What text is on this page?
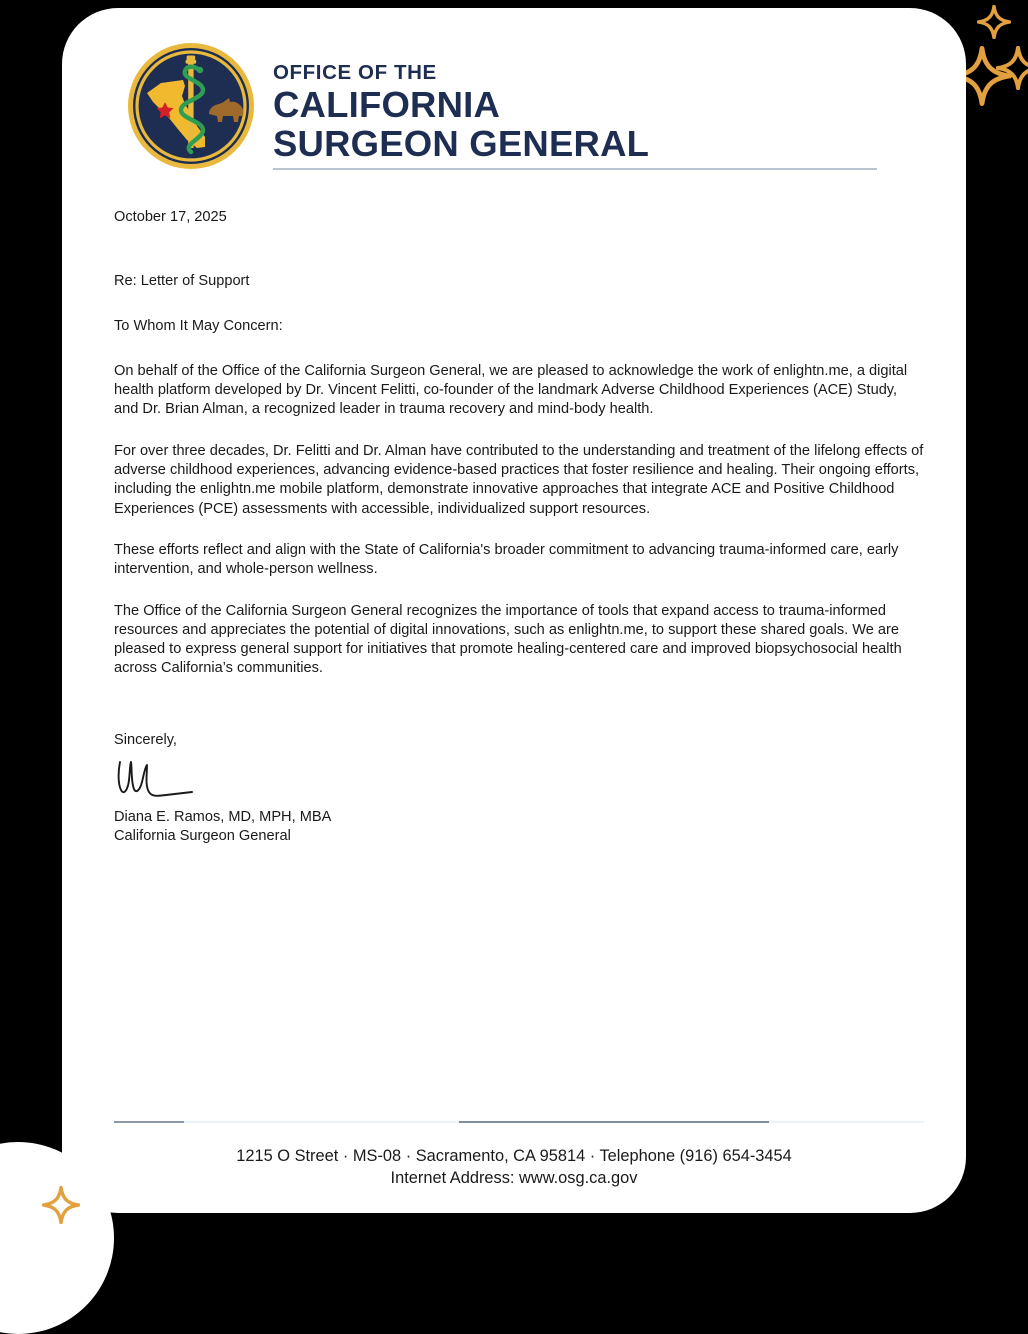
OFFICE OF THE
CALIFORNIA
SURGEON GENERAL

October 17, 2025

Re: Letter of Support

To Whom It May Concern:

On behalf of the Office of the California Surgeon General, we are pleased to acknowledge the work of enlightn.me, a digital health platform developed by Dr. Vincent Felitti, co-founder of the landmark Adverse Childhood Experiences (ACE) Study, and Dr. Brian Alman, a recognized leader in trauma recovery and mind-body health.

For over three decades, Dr. Felitti and Dr. Alman have contributed to the understanding and treatment of the lifelong effects of adverse childhood experiences, advancing evidence-based practices that foster resilience and healing. Their ongoing efforts, including the enlightn.me mobile platform, demonstrate innovative approaches that integrate ACE and Positive Childhood Experiences (PCE) assessments with accessible, individualized support resources.

These efforts reflect and align with the State of California's broader commitment to advancing trauma-informed care, early intervention, and whole-person wellness.

The Office of the California Surgeon General recognizes the importance of tools that expand access to trauma-informed resources and appreciates the potential of digital innovations, such as enlightn.me, to support these shared goals. We are pleased to express general support for initiatives that promote healing-centered care and improved biopsychosocial health across California’s communities.

Sincerely,

Diana E. Ramos, MD, MPH, MBA

California Surgeon General

1215 O Street · MS-08 · Sacramento, CA 95814 · Telephone (916) 654-3454

Internet Address: www.osg.ca.gov
